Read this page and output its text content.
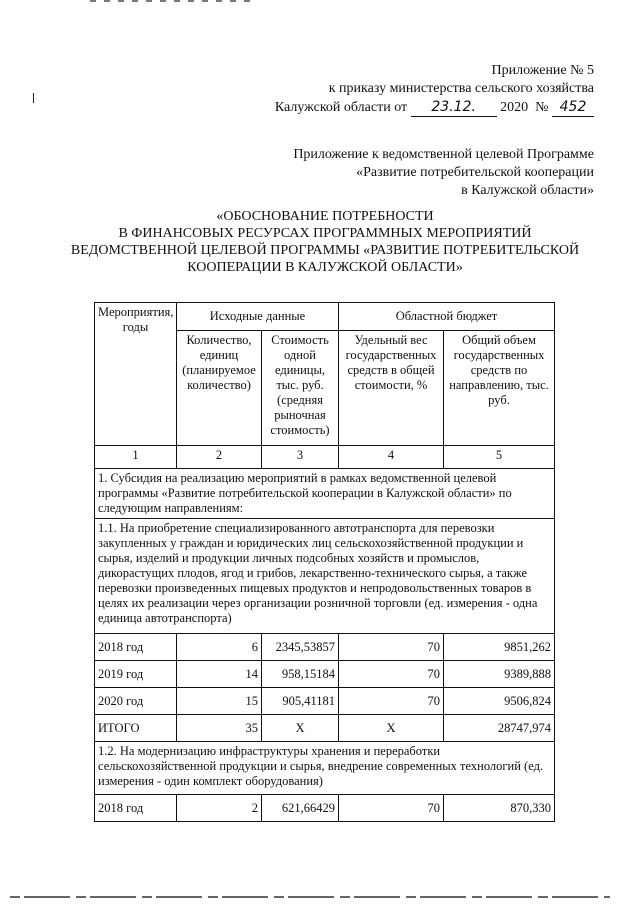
Приложение № 5
к приказу министерства сельского хозяйства
Калужской области от 23.12. 2020 № 452
Приложение к ведомственной целевой Программе
«Развитие потребительской кооперации
в Калужской области»
«ОБОСНОВАНИЕ ПОТРЕБНОСТИ
В ФИНАНСОВЫХ РЕСУРСАХ ПРОГРАММНЫХ МЕРОПРИЯТИЙ
ВЕДОМСТВЕННОЙ ЦЕЛЕВОЙ ПРОГРАММЫ «РАЗВИТИЕ ПОТРЕБИТЕЛЬСКОЙ
КООПЕРАЦИИ В КАЛУЖСКОЙ ОБЛАСТИ»
Мероприятия, годы	Исходные данные		Областной бюджет	
	Количество, единиц (планируемое количество)	Стоимость одной единицы, тыс. руб. (средняя рыночная стоимость)	Удельный вес государственных средств в общей стоимости, %	Общий объем государственных средств по направлению, тыс. руб.
1	2	3	4	5
1. Субсидия на реализацию мероприятий в рамках ведомственной целевой программы «Развитие потребительской кооперации в Калужской области» по следующим направлениям:				
1.1. На приобретение специализированного автотранспорта для перевозки закупленных у граждан и юридических лиц сельскохозяйственной продукции и сырья, изделий и продукции личных подсобных хозяйств и промыслов, дикорастущих плодов, ягод и грибов, лекарственно-технического сырья, а также перевозки произведенных пищевых продуктов и непродовольственных товаров в целях их реализации через организации розничной торговли (ед. измерения - одна единица автотранспорта)				
2018 год	6	2345,53857	70	9851,262
2019 год	14	958,15184	70	9389,888
2020 год	15	905,41181	70	9506,824
ИТОГО	35	Х	Х	28747,974
1.2. На модернизацию инфраструктуры хранения и переработки сельскохозяйственной продукции и сырья, внедрение современных технологий (ед. измерения - один комплект оборудования)				
2018 год	2	621,66429	70	870,330
